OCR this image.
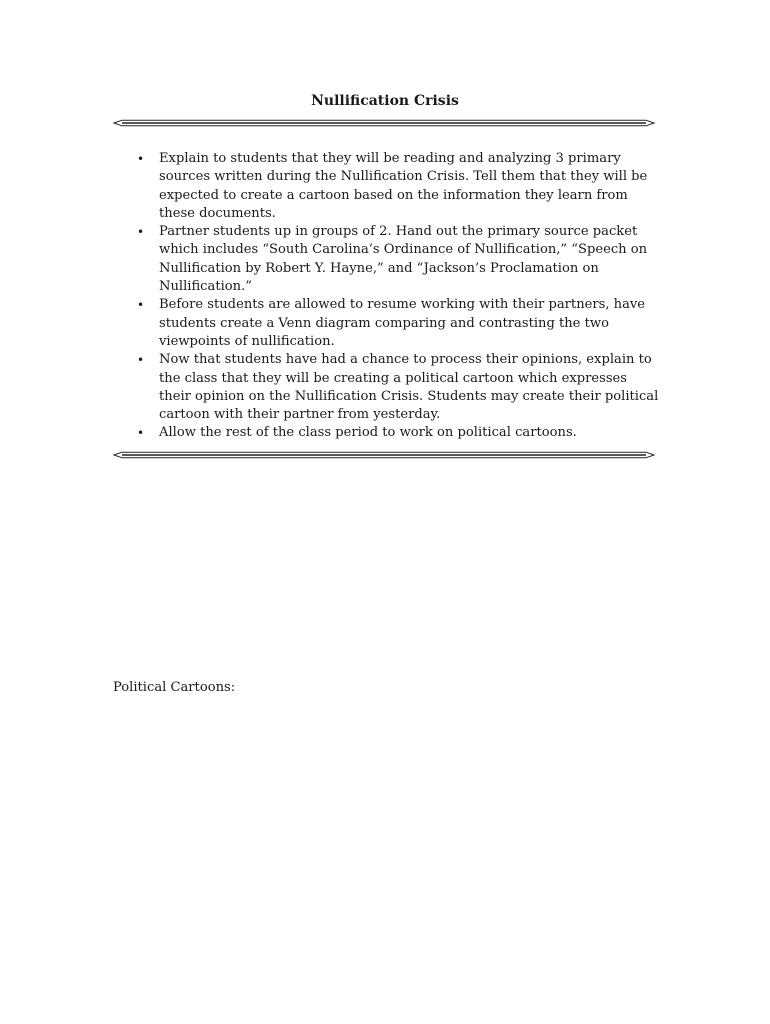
Nullification Crisis
• Explain to students that they will be reading and analyzing 3 primary sources written during the Nullification Crisis. Tell them that they will be expected to create a cartoon based on the information they learn from these documents.
• Partner students up in groups of 2. Hand out the primary source packet which includes “South Carolina’s Ordinance of Nullification,” “Speech on Nullification by Robert Y. Hayne,” and “Jackson’s Proclamation on Nullification.”
• Before students are allowed to resume working with their partners, have students create a Venn diagram comparing and contrasting the two viewpoints of nullification.
• Now that students have had a chance to process their opinions, explain to the class that they will be creating a political cartoon which expresses their opinion on the Nullification Crisis. Students may create their political cartoon with their partner from yesterday.
• Allow the rest of the class period to work on political cartoons.
Political Cartoons:
